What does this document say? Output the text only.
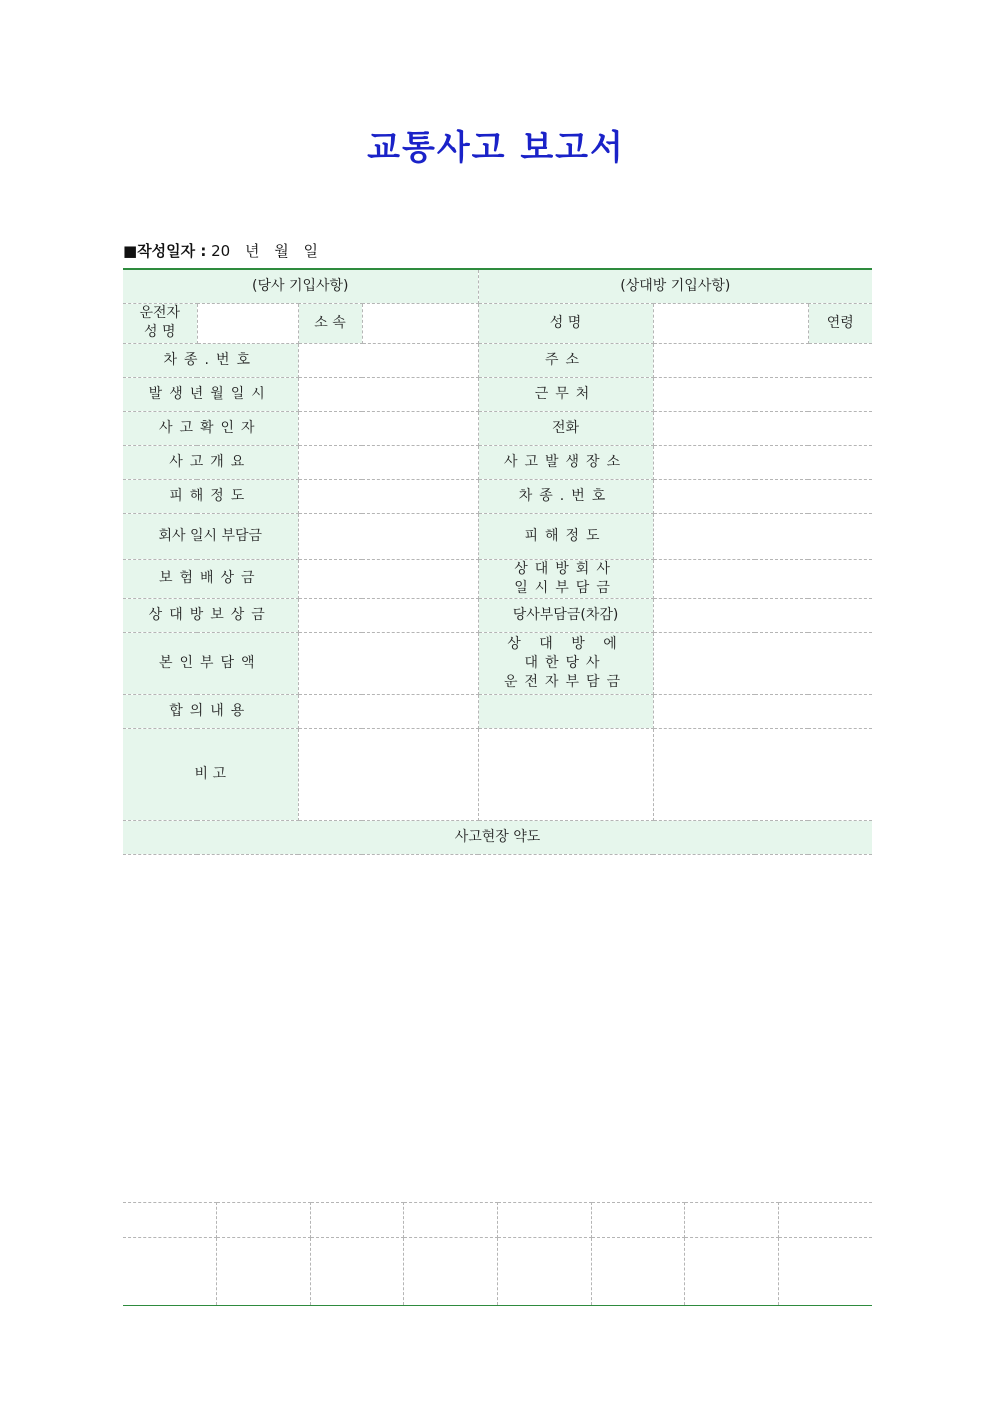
교통사고 보고서
■작성일자 : 20 년 월 일
(당사 기입사항)				(상대방 기입사항)		
운전자
성 명		소 속		성 명		연령
차종.번호				주소		
발생년월일시				근무처		
사고확인자				전화		
사고개요				사고발생장소		
피해정도				차종.번호		
회사 일시 부담금				피해정도		
보험배상금				상대방회사
일시부담금		
상대방보상금				당사부담금(차감)		
본인부담액				상 대 방 에
대한당사
운전자부담금		
합의내용						
비 고						
사고현장 약도						
